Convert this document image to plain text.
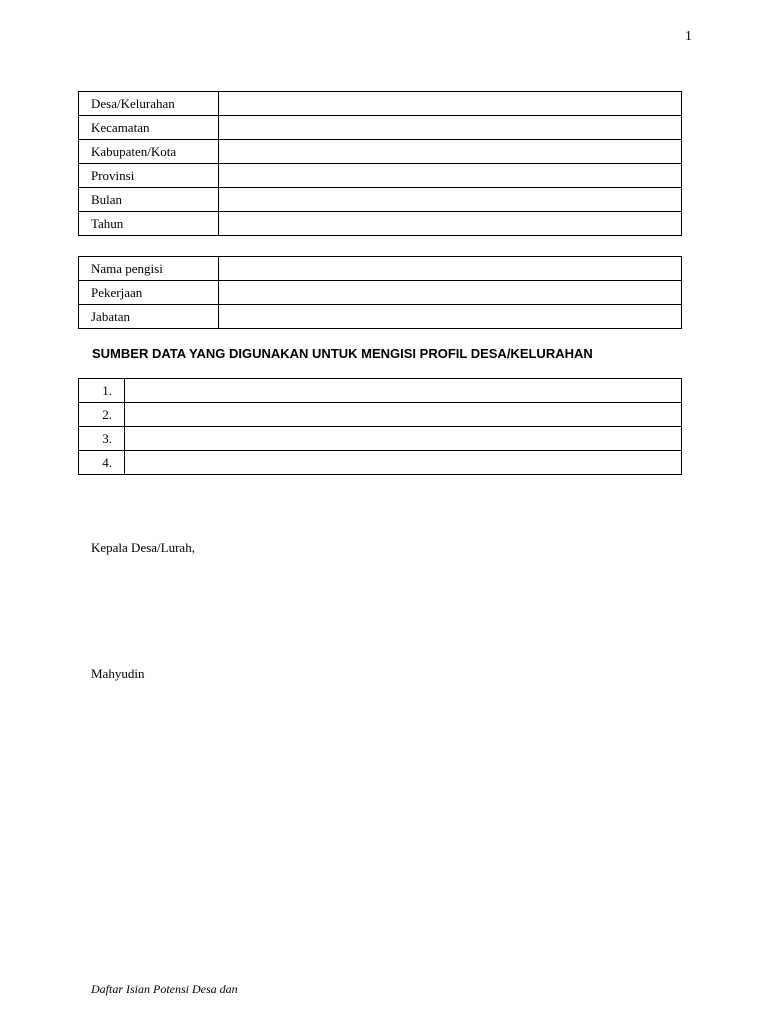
1
Desa/Kelurahan	
Kecamatan	
Kabupaten/Kota	
Provinsi	
Bulan	
Tahun	
Nama pengisi	
Pekerjaan	
Jabatan	
SUMBER DATA YANG DIGUNAKAN UNTUK MENGISI PROFIL DESA/KELURAHAN
1.	
2.	
3.	
4.	
Kepala Desa/Lurah,
Mahyudin
Daftar Isian Potensi Desa dan
